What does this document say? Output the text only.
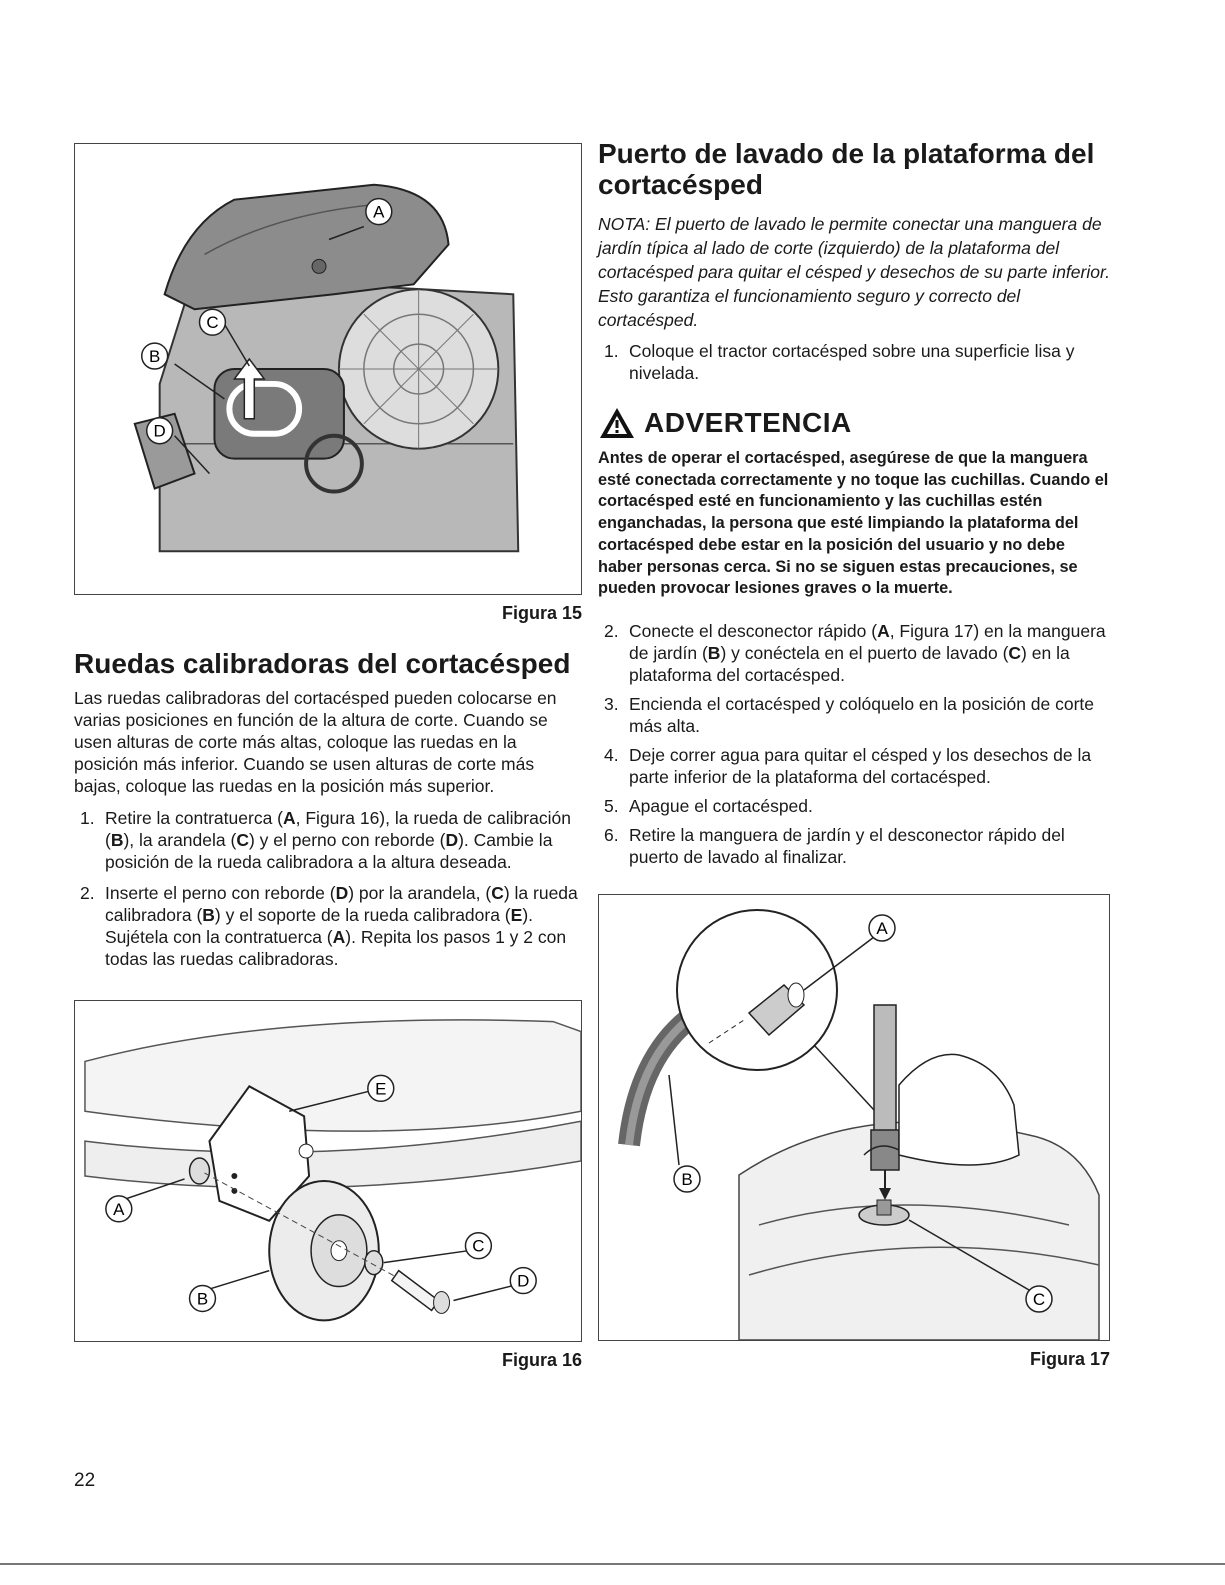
A
C
B
D
Figura 15
Ruedas calibradoras del cortacésped

Las ruedas calibradoras del cortacésped pueden colocarse en varias posiciones en función de la altura de corte. Cuando se usen alturas de corte más altas, coloque las ruedas en la posición más inferior. Cuando se usen alturas de corte más bajas, coloque las ruedas en la posición más superior.

1. Retire la contratuerca (A, Figura 16), la rueda de calibración (B), la arandela (C) y el perno con reborde (D). Cambie la posición de la rueda calibradora a la altura deseada.
2. Inserte el perno con reborde (D) por la arandela, (C) la rueda calibradora (B) y el soporte de la rueda calibradora (E). Sujétela con la contratuerca (A). Repita los pasos 1 y 2 con todas las ruedas calibradoras.
E
A
C
D
B
Figura 16
Puerto de lavado de la plataforma del cortacésped

NOTA: El puerto de lavado le permite conectar una manguera de jardín típica al lado de corte (izquierdo) de la plataforma del cortacésped para quitar el césped y desechos de su parte inferior. Esto garantiza el funcionamiento seguro y correcto del cortacésped.

1. Coloque el tractor cortacésped sobre una superficie lisa y nivelada.
ADVERTENCIA
Antes de operar el cortacésped, asegúrese de que la manguera esté conectada correctamente y no toque las cuchillas. Cuando el cortacésped esté en funcionamiento y las cuchillas estén enganchadas, la persona que esté limpiando la plataforma del cortacésped debe estar en la posición del usuario y no debe haber personas cerca. Si no se siguen estas precauciones, se pueden provocar lesiones graves o la muerte.
2. Conecte el desconector rápido (A, Figura 17) en la manguera de jardín (B) y conéctela en el puerto de lavado (C) en la plataforma del cortacésped.
3. Encienda el cortacésped y colóquelo en la posición de corte más alta.
4. Deje correr agua para quitar el césped y los desechos de la parte inferior de la plataforma del cortacésped.
5. Apague el cortacésped.
6. Retire la manguera de jardín y el desconector rápido del puerto de lavado al finalizar.
A
B
C
Figura 17
22
